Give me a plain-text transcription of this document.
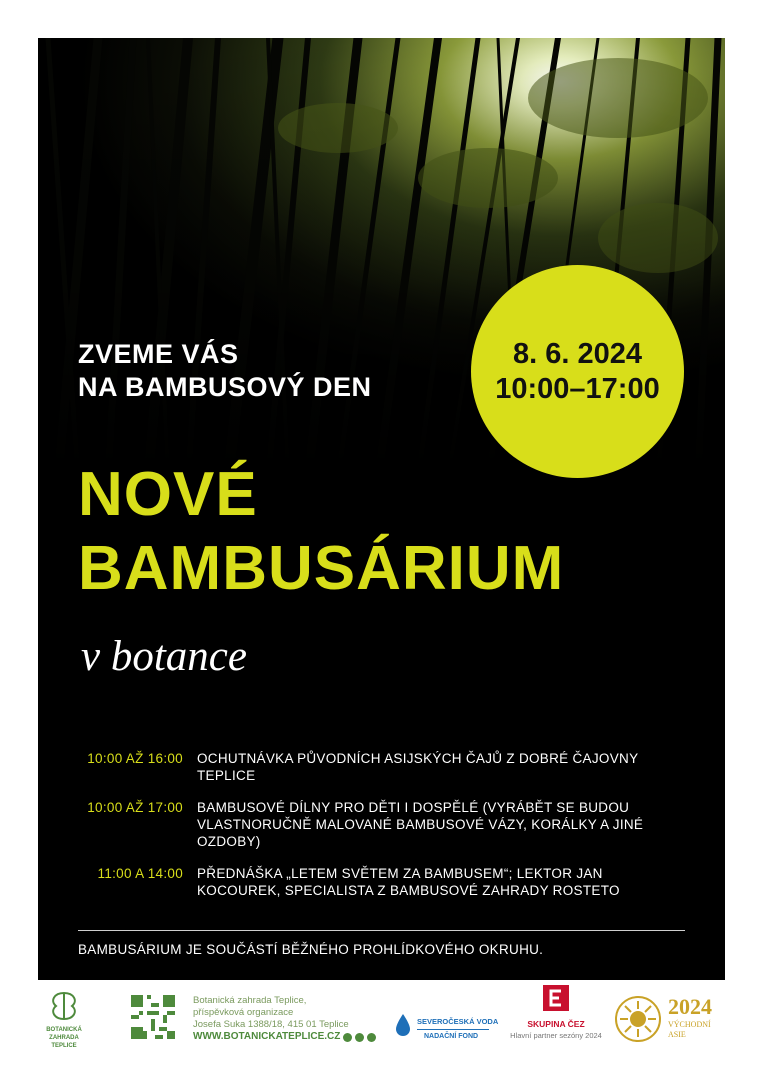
ZVEME VÁS
NA BAMBUSOVÝ DEN
8. 6. 2024
10:00–17:00
NOVÉ
BAMBUSÁRIUM
v botance
10:00 AŽ 16:00 OCHUTNÁVKA PŮVODNÍCH ASIJSKÝCH ČAJŮ Z DOBRÉ ČAJOVNY TEPLICE
10:00 AŽ 17:00 BAMBUSOVÉ DÍLNY PRO DĚTI I DOSPĚLÉ (VYRÁBĚT SE BUDOU VLASTNORUČNĚ MALOVANÉ BAMBUSOVÉ VÁZY, KORÁLKY A JINÉ OZDOBY)
11:00 A 14:00 PŘEDNÁŠKA „LETEM SVĚTEM ZA BAMBUSEM“; LEKTOR JAN KOCOUREK, SPECIALISTA Z BAMBUSOVÉ ZAHRADY ROSTETO
BAMBUSÁRIUM JE SOUČÁSTÍ BĚŽNÉHO PROHLÍDKOVÉHO OKRUHU.
BOTANICKÁ ZAHRADA
TEPLICE
Botanická zahrada Teplice,
příspěvková organizace
Josefa Suka 1388/18, 415 01 Teplice
WWW.BOTANICKATEPLICE.CZ
SEVEROČESKÁ VODA
NADAČNÍ FOND
SKUPINA ČEZ
Hlavní partner sezóny 2024
2024
VÝCHODNÍ
ASIE
